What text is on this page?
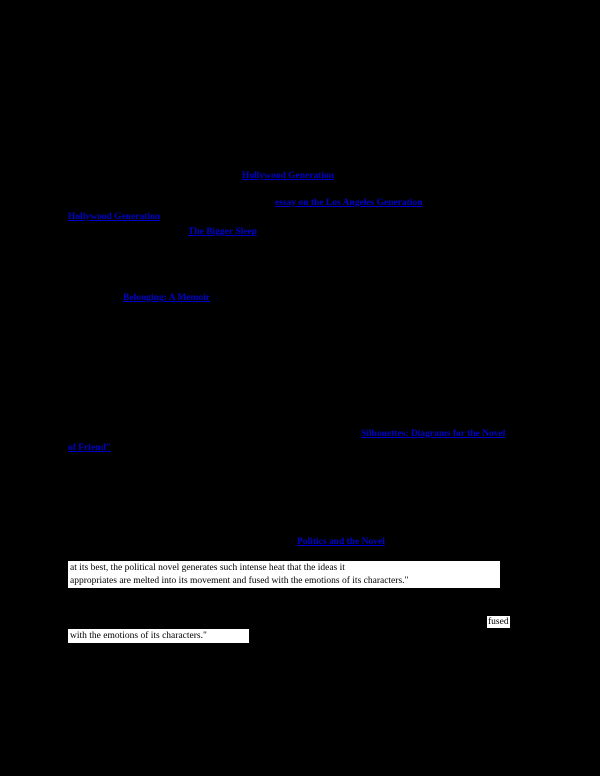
Hollywood Generation
essay on the Los Angeles Generation
Hollywood Generation
The Bigger Sleep
Belonging: A Memoir
Silhouettes: Diagrams for the Novel
of Friend"
Politics and the Novel
at its best, the political novel generates such intense heat that the ideas it
appropriates are melted into its movement and fused with the emotions of its characters."
fused
with the emotions of its characters."
